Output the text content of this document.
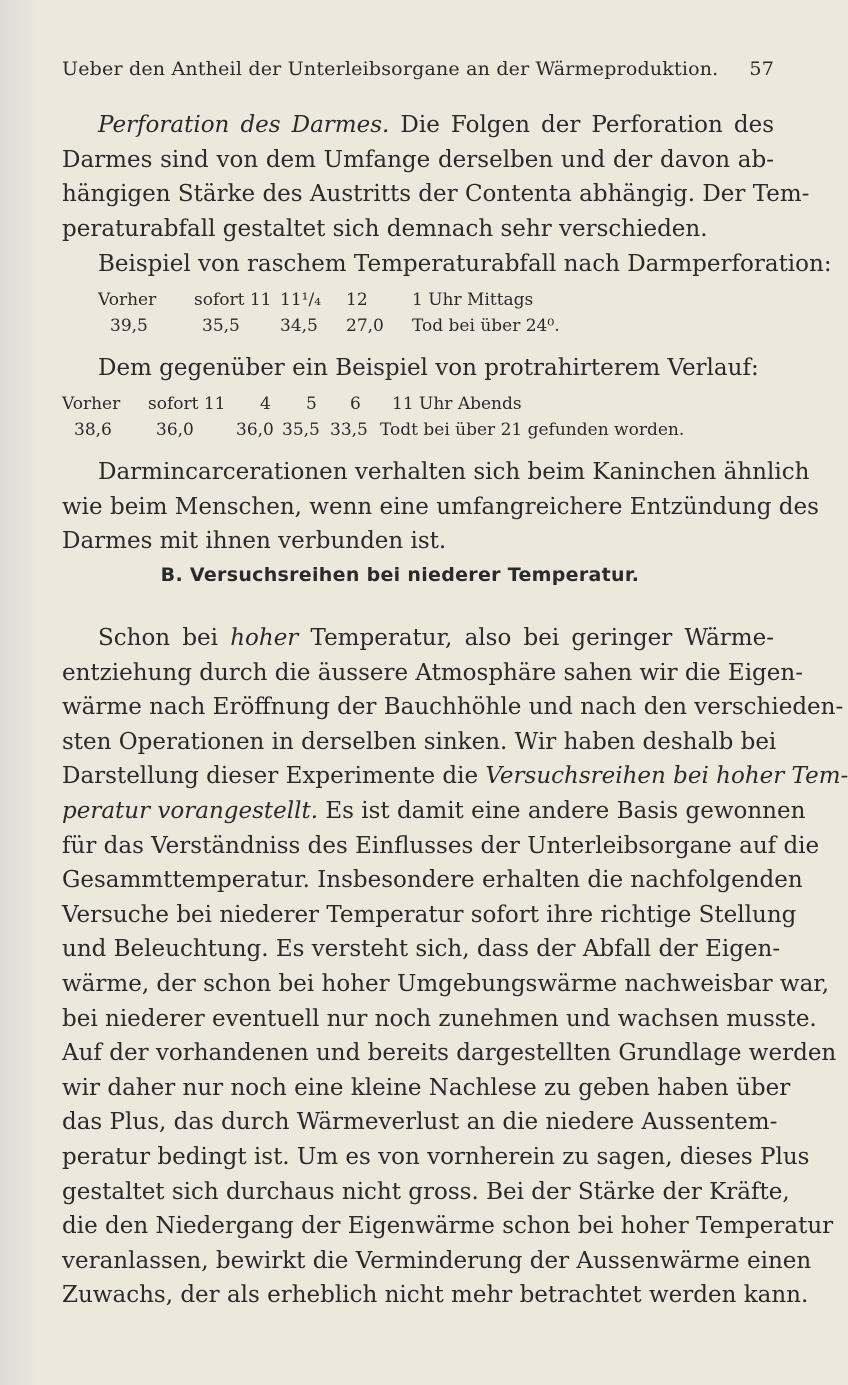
Ueber den Antheil der Unterleibsorgane an der Wärmeproduktion. 57
Perforation des Darmes. Die Folgen der Perforation des
Darmes sind von dem Umfange derselben und der davon ab-
hängigen Stärke des Austritts der Contenta abhängig. Der Tem-
peraturabfall gestaltet sich demnach sehr verschieden.
Beispiel von raschem Temperaturabfall nach Darmperforation:
Vorher sofort 11 11¹/₄ 12	1 Uhr Mittags
39,5	35,5 34,5 27,0 Tod bei über 24⁰.
Dem gegenüber ein Beispiel von protrahirterem Verlauf:
Vorher sofort 11 4 5 6 11 Uhr Abends
38,6	36,0 36,0 35,5 33,5 Todt bei über 21 gefunden worden.
Darmincarcerationen verhalten sich beim Kaninchen ähnlich
wie beim Menschen, wenn eine umfangreichere Entzündung des
Darmes mit ihnen verbunden ist.
B. Versuchsreihen bei niederer Temperatur.
Schon bei hoher Temperatur, also bei geringer Wärme-
entziehung durch die äussere Atmosphäre sahen wir die Eigen-
wärme nach Eröffnung der Bauchhöhle und nach den verschieden-
sten Operationen in derselben sinken. Wir haben deshalb bei
Darstellung dieser Experimente die Versuchsreihen bei hoher Tem-
peratur vorangestellt. Es ist damit eine andere Basis gewonnen
für das Verständniss des Einflusses der Unterleibsorgane auf die
Gesammttemperatur. Insbesondere erhalten die nachfolgenden
Versuche bei niederer Temperatur sofort ihre richtige Stellung
und Beleuchtung. Es versteht sich, dass der Abfall der Eigen-
wärme, der schon bei hoher Umgebungswärme nachweisbar war,
bei niederer eventuell nur noch zunehmen und wachsen musste.
Auf der vorhandenen und bereits dargestellten Grundlage werden
wir daher nur noch eine kleine Nachlese zu geben haben über
das Plus, das durch Wärmeverlust an die niedere Aussentem-
peratur bedingt ist. Um es von vornherein zu sagen, dieses Plus
gestaltet sich durchaus nicht gross. Bei der Stärke der Kräfte,
die den Niedergang der Eigenwärme schon bei hoher Temperatur
veranlassen, bewirkt die Verminderung der Aussenwärme einen
Zuwachs, der als erheblich nicht mehr betrachtet werden kann.
